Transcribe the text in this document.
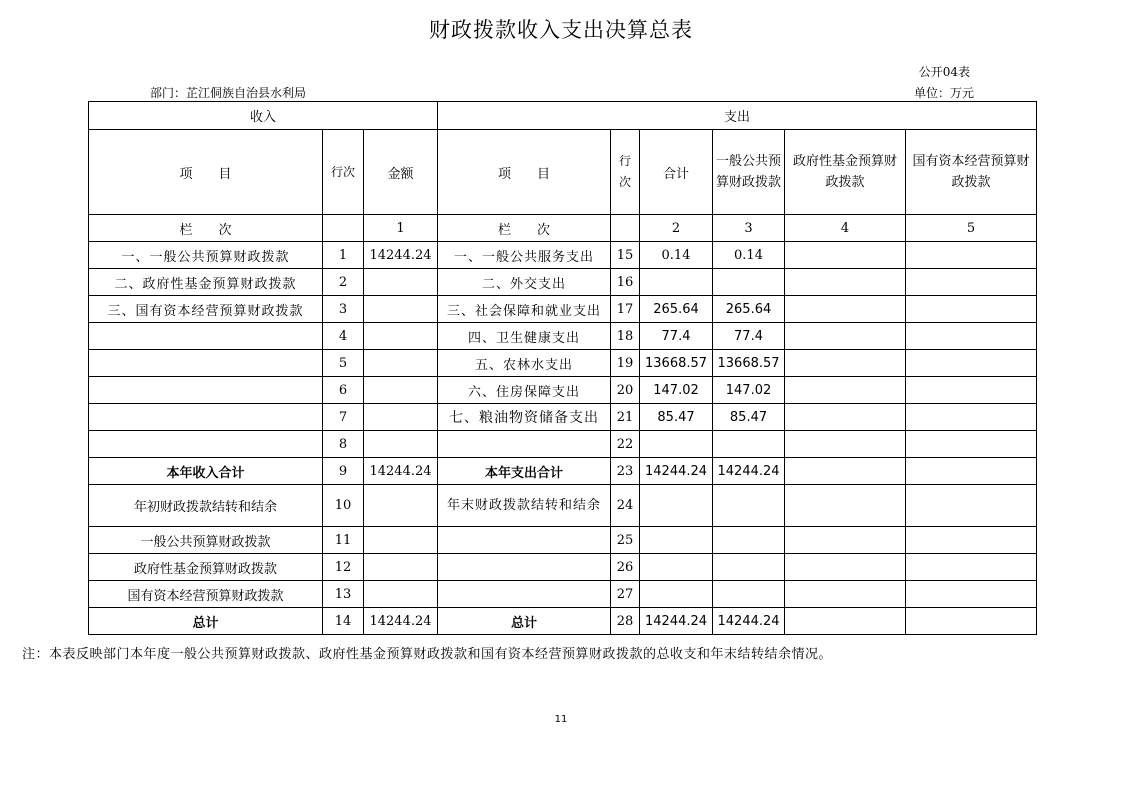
财政拨款收入支出决算总表
公开04表
部门：芷江侗族自治县水利局	单位：万元
收入			支出					
项　　目	行次	金额	项　　目	行次	合计	一般公共预算财政拨款	政府性基金预算财政拨款	国有资本经营预算财政拨款
栏　　次		1	栏　　次		2	3	4	5
一、一般公共预算财政拨款	1	14244.24	一、一般公共服务支出	15	0.14	0.14		
二、政府性基金预算财政拨款	2		二、外交支出	16				
三、国有资本经营预算财政拨款	3		三、社会保障和就业支出	17	265.64	265.64		
	4		四、卫生健康支出	18	77.4	77.4		
	5		五、农林水支出	19	13668.57	13668.57		
	6		六、住房保障支出	20	147.02	147.02		
	7		七、粮油物资储备支出	21	85.47	85.47		
	8			22				
本年收入合计	9	14244.24	本年支出合计	23	14244.24	14244.24		
年初财政拨款结转和结余	10		年末财政拨款结转和结余	24				
一般公共预算财政拨款	11			25				
政府性基金预算财政拨款	12			26				
国有资本经营预算财政拨款	13			27				
总计	14	14244.24	总计	28	14244.24	14244.24		
注：本表反映部门本年度一般公共预算财政拨款、政府性基金预算财政拨款和国有资本经营预算财政拨款的总收支和年末结转结余情况。
11
